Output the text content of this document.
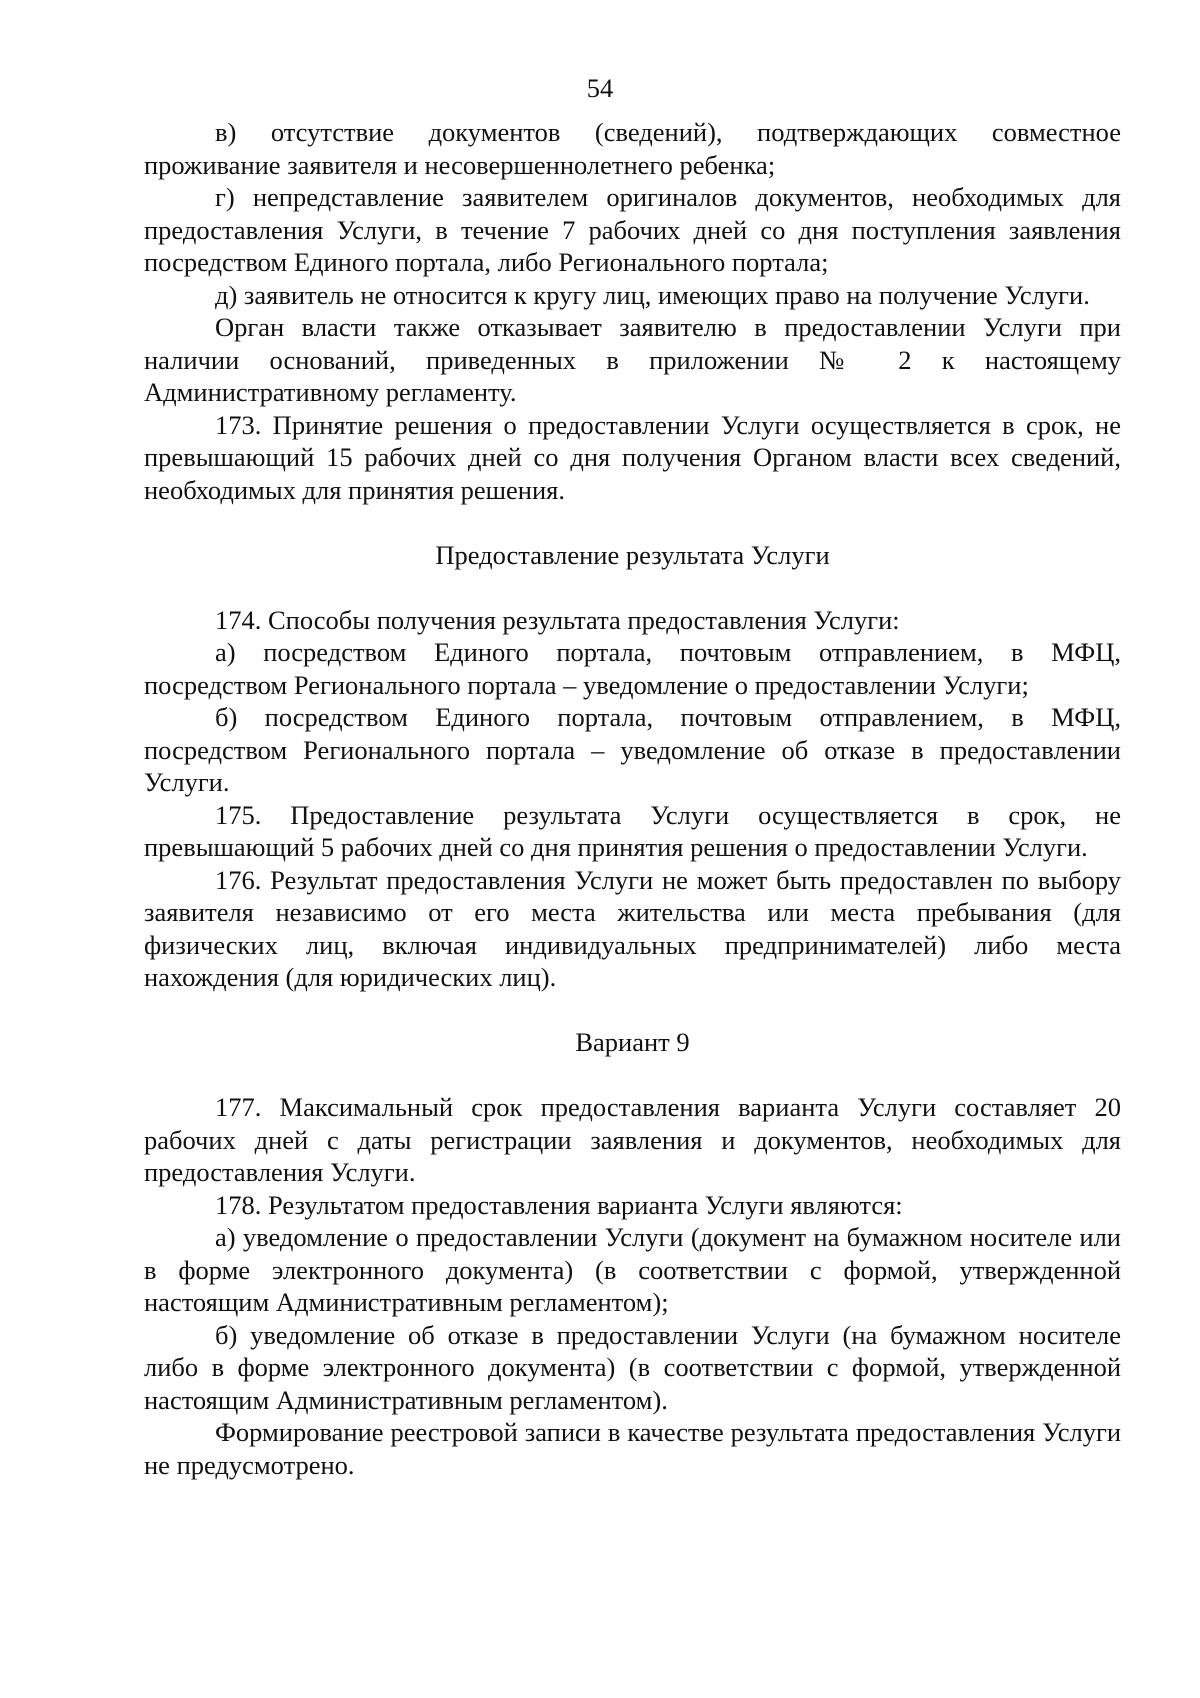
54

в) отсутствие документов (сведений), подтверждающих совместное проживание заявителя и несовершеннолетнего ребенка;

г) непредставление заявителем оригиналов документов, необходимых для предоставления Услуги, в течение 7 рабочих дней со дня поступления заявления посредством Единого портала, либо Регионального портала;

д) заявитель не относится к кругу лиц, имеющих право на получение Услуги.

Орган власти также отказывает заявителю в предоставлении Услуги при наличии оснований, приведенных в приложении № 2 к настоящему Административному регламенту.

173. Принятие решения о предоставлении Услуги осуществляется в срок, не превышающий 15 рабочих дней со дня получения Органом власти всех сведений, необходимых для принятия решения.

Предоставление результата Услуги

174. Способы получения результата предоставления Услуги:

а) посредством Единого портала, почтовым отправлением, в МФЦ, посредством Регионального портала – уведомление о предоставлении Услуги;

б) посредством Единого портала, почтовым отправлением, в МФЦ, посредством Регионального портала – уведомление об отказе в предоставлении Услуги.

175. Предоставление результата Услуги осуществляется в срок, не превышающий 5 рабочих дней со дня принятия решения о предоставлении Услуги.

176. Результат предоставления Услуги не может быть предоставлен по выбору заявителя независимо от его места жительства или места пребывания (для физических лиц, включая индивидуальных предпринимателей) либо места нахождения (для юридических лиц).

Вариант 9

177. Максимальный срок предоставления варианта Услуги составляет 20 рабочих дней с даты регистрации заявления и документов, необходимых для предоставления Услуги.

178. Результатом предоставления варианта Услуги являются:

а) уведомление о предоставлении Услуги (документ на бумажном носителе или в форме электронного документа) (в соответствии с формой, утвержденной настоящим Административным регламентом);

б) уведомление об отказе в предоставлении Услуги (на бумажном носителе либо в форме электронного документа) (в соответствии с формой, утвержденной настоящим Административным регламентом).

Формирование реестровой записи в качестве результата предоставления Услуги не предусмотрено.
